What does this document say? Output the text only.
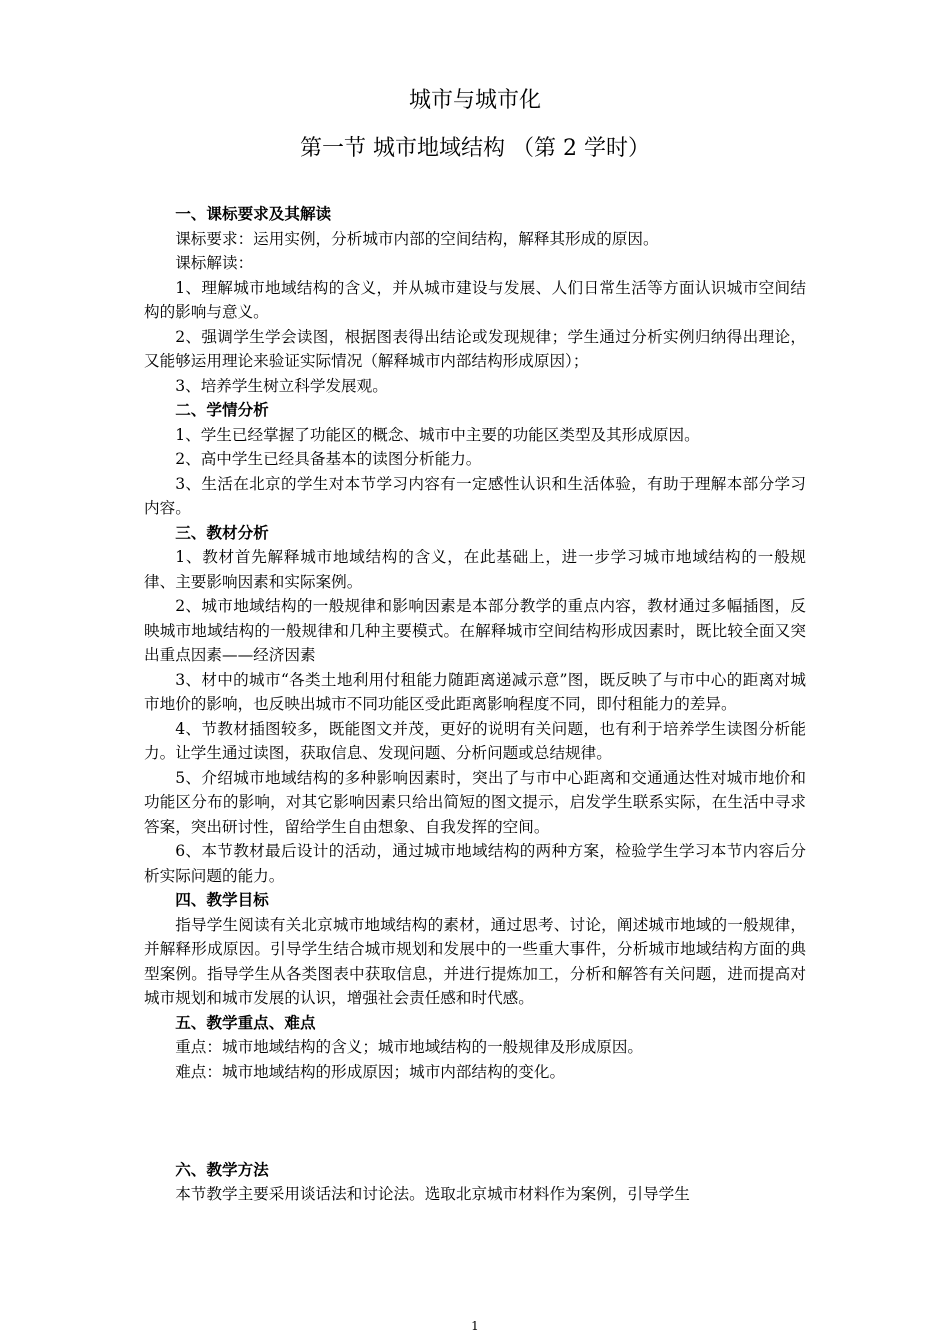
城市与城市化
第一节 城市地域结构 （第 2 学时）
一、课标要求及其解读

课标要求：运用实例，分析城市内部的空间结构，解释其形成的原因。

课标解读：

1、理解城市地域结构的含义，并从城市建设与发展、人们日常生活等方面认识城市空间结构的影响与意义。

2、强调学生学会读图，根据图表得出结论或发现规律；学生通过分析实例归纳得出理论，又能够运用理论来验证实际情况（解释城市内部结构形成原因）；

3、培养学生树立科学发展观。

二、学情分析

1、学生已经掌握了功能区的概念、城市中主要的功能区类型及其形成原因。

2、高中学生已经具备基本的读图分析能力。

3、生活在北京的学生对本节学习内容有一定感性认识和生活体验，有助于理解本部分学习内容。

三、教材分析

1、教材首先解释城市地域结构的含义，在此基础上，进一步学习城市地域结构的一般规律、主要影响因素和实际案例。

2、城市地域结构的一般规律和影响因素是本部分教学的重点内容，教材通过多幅插图，反映城市地域结构的一般规律和几种主要模式。在解释城市空间结构形成因素时，既比较全面又突出重点因素——经济因素

3、材中的城市“各类土地利用付租能力随距离递减示意”图，既反映了与市中心的距离对城市地价的影响，也反映出城市不同功能区受此距离影响程度不同，即付租能力的差异。

4、节教材插图较多，既能图文并茂，更好的说明有关问题，也有利于培养学生读图分析能力。让学生通过读图，获取信息、发现问题、分析问题或总结规律。

5、介绍城市地域结构的多种影响因素时，突出了与市中心距离和交通通达性对城市地价和功能区分布的影响，对其它影响因素只给出简短的图文提示，启发学生联系实际，在生活中寻求答案，突出研讨性，留给学生自由想象、自我发挥的空间。

6、本节教材最后设计的活动，通过城市地域结构的两种方案，检验学生学习本节内容后分析实际问题的能力。

四、教学目标

指导学生阅读有关北京城市地域结构的素材，通过思考、讨论，阐述城市地域的一般规律，并解释形成原因。引导学生结合城市规划和发展中的一些重大事件，分析城市地域结构方面的典型案例。指导学生从各类图表中获取信息，并进行提炼加工，分析和解答有关问题，进而提高对城市规划和城市发展的认识，增强社会责任感和时代感。

五、教学重点、难点

重点：城市地域结构的含义；城市地域结构的一般规律及形成原因。

难点：城市地域结构的形成原因；城市内部结构的变化。

六、教学方法

本节教学主要采用谈话法和讨论法。选取北京城市材料作为案例，引导学生

1
